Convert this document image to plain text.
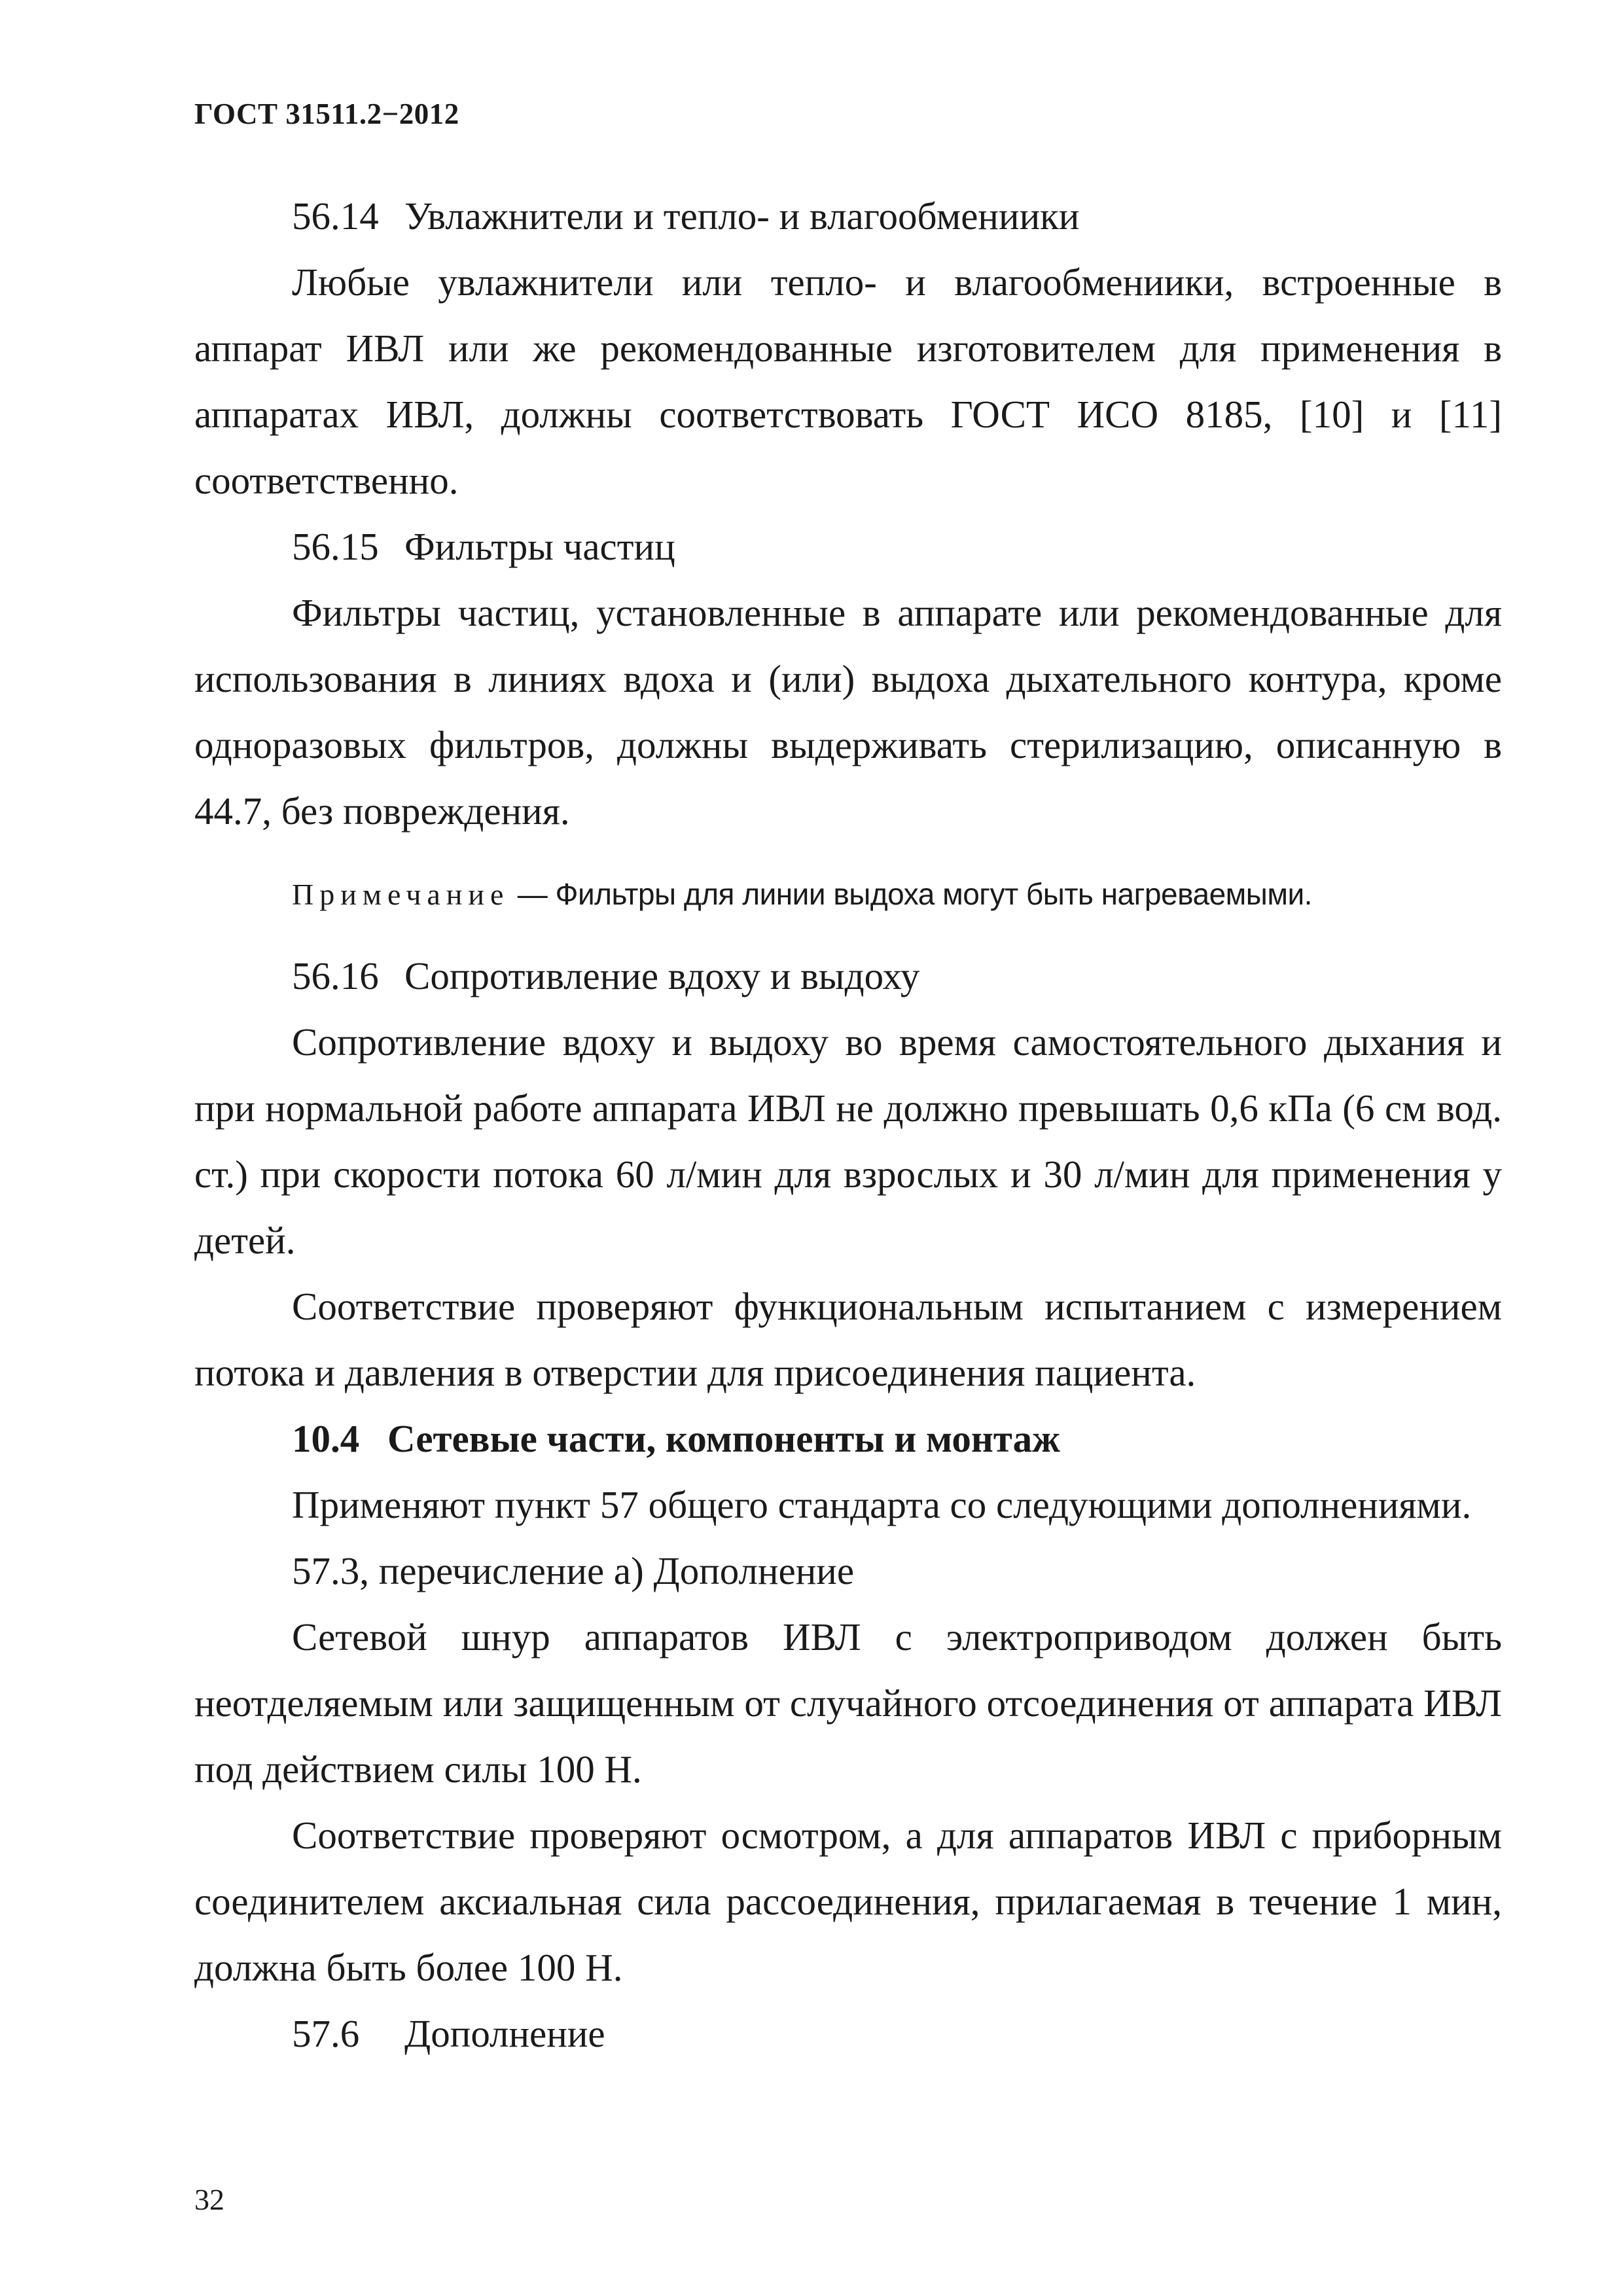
ГОСТ 31511.2−2012
56.14 Увлажнители и тепло- и влагообмениики

Любые увлажнители или тепло- и влагообмениики, встроенные в аппарат ИВЛ или же рекомендованные изготовителем для применения в аппаратах ИВЛ, должны соответствовать ГОСТ ИСО 8185, [10] и [11] соответственно.

56.15 Фильтры частиц

Фильтры частиц, установленные в аппарате или рекомендованные для использования в линиях вдоха и (или) выдоха дыхательного контура, кроме одноразовых фильтров, должны выдерживать стерилизацию, описанную в 44.7, без повреждения.

Примечание — Фильтры для линии выдоха могут быть нагреваемыми.
56.16 Сопротивление вдоху и выдоху

Сопротивление вдоху и выдоху во время самостоятельного дыхания и при нормальной работе аппарата ИВЛ не должно превышать 0,6 кПа (6 см вод. ст.) при скорости потока 60 л/мин для взрослых и 30 л/мин для применения у детей.

Соответствие проверяют функциональным испытанием с измерением потока и давления в отверстии для присоединения пациента.

10.4 Сетевые части, компоненты и монтаж

Применяют пункт 57 общего стандарта со следующими дополнениями.

57.3, перечисление а) Дополнение

Сетевой шнур аппаратов ИВЛ с электроприводом должен быть неотделяемым или защищенным от случайного отсоединения от аппарата ИВЛ под действием силы 100 Н.

Соответствие проверяют осмотром, а для аппаратов ИВЛ с приборным соединителем аксиальная сила рассоединения, прилагаемая в течение 1 мин, должна быть более 100 Н.

57.6 Дополнение
32
